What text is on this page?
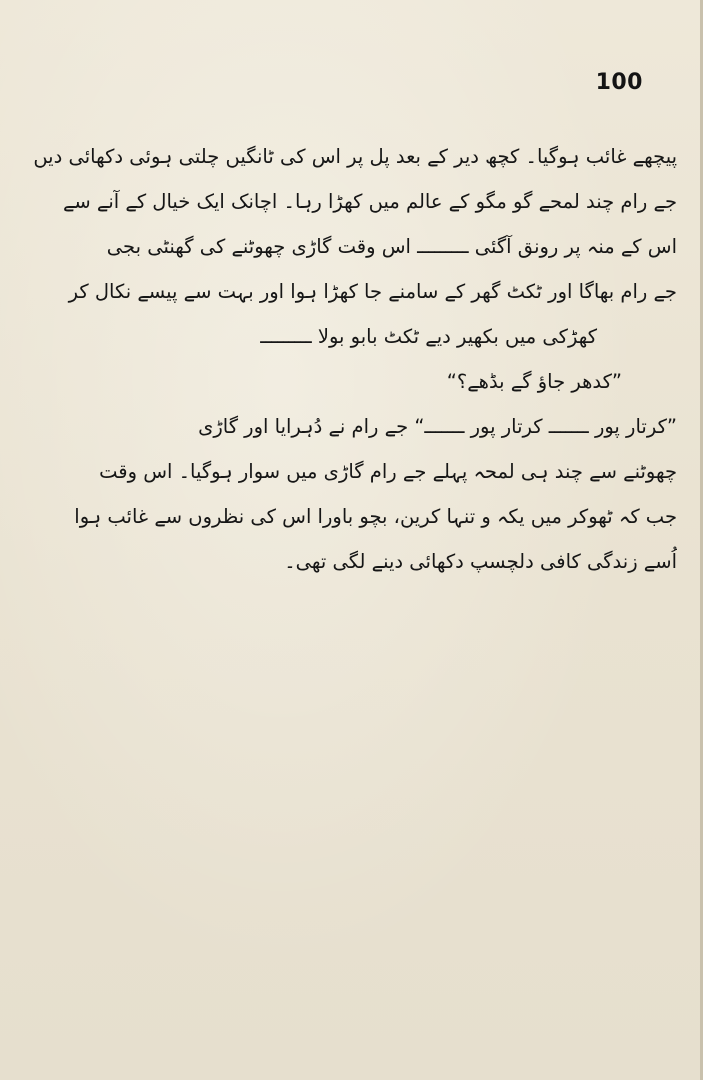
100
پیچھے غائب ہوگیا۔ کچھ دیر کے بعد پل پر اس کی ٹانگیں چلتی ہوئی دکھائی دیں
جے رام چند لمحے گو مگو کے عالم میں کھڑا رہا۔ اچانک ایک خیال کے آنے سے
اس کے منہ پر رونق آگئی ـــــــــ اس وقت گاڑی چھوٹنے کی گھنٹی بجی
جے رام بھاگا اور ٹکٹ گھر کے سامنے جا کھڑا ہوا اور بہت سے پیسے نکال کر
کھڑکی میں بکھیر دیے ٹکٹ بابو بولا ـــــــــ
”کدھر جاؤ گے بڈھے؟“
”کرتار پور ـــــــ کرتار پور ـــــــ“ جے رام نے دُہرایا اور گاڑی
چھوٹنے سے چند ہی لمحہ پہلے جے رام گاڑی میں سوار ہوگیا۔ اس وقت
جب کہ ٹھوکر میں یکہ و تنہا کرین، بچو باورا اس کی نظروں سے غائب ہوا
اُسے زندگی کافی دلچسپ دکھائی دینے لگی تھی۔
